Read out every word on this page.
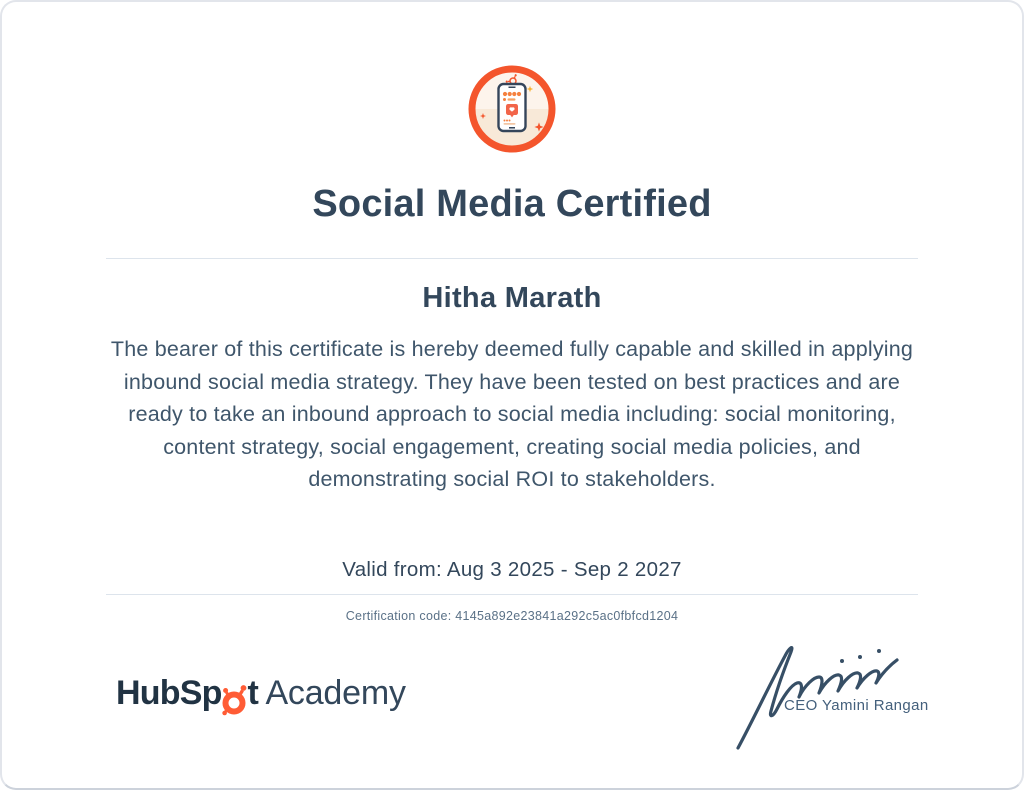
Social Media Certified
Hitha Marath
The bearer of this certificate is hereby deemed fully capable and skilled in applying inbound social media strategy. They have been tested on best practices and are ready to take an inbound approach to social media including: social monitoring, content strategy, social engagement, creating social media policies, and demonstrating social ROI to stakeholders.
Valid from: Aug 3 2025 - Sep 2 2027
Certification code: 4145a892e23841a292c5ac0fbfcd1204
HubSp t Academy	CEO Yamini Rangan
